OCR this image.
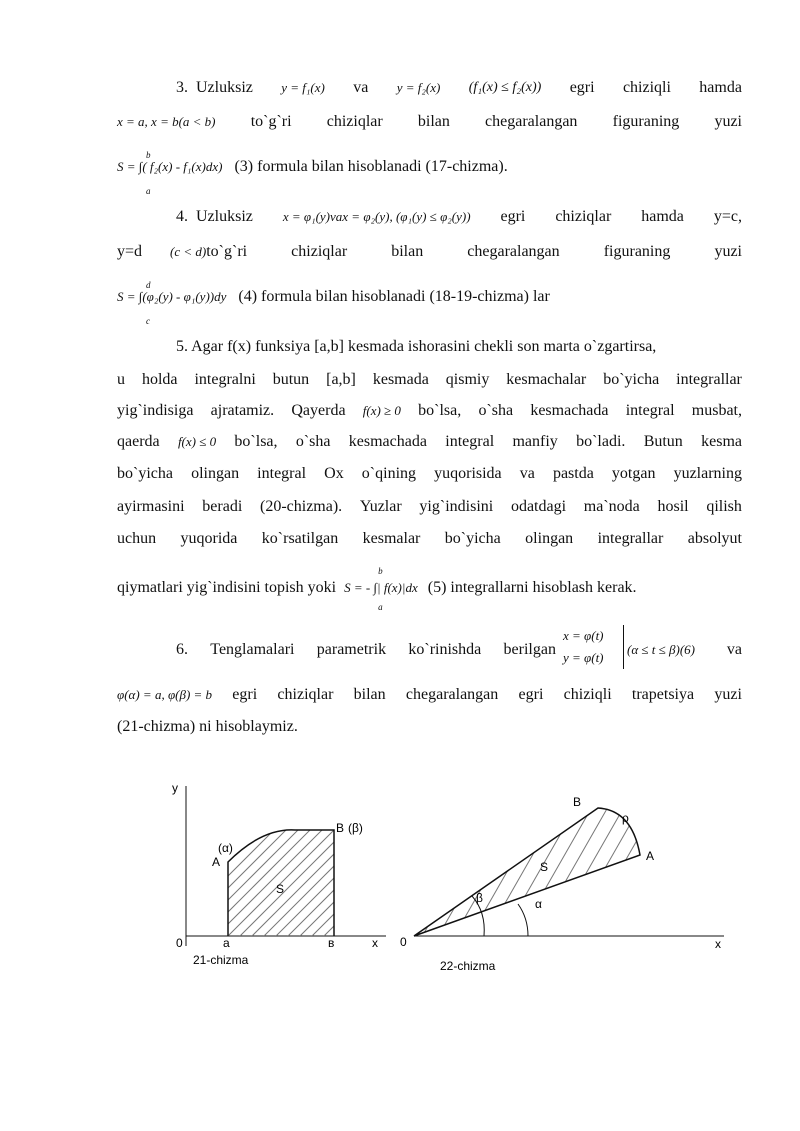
3. Uzluksiz y = f₁(x) va y = f₂(x) (f₁(x) ≤ f₂(x)) egri chiziqli hamda
x = a, x = b(a < b) to`g`ri chiziqlar bilan chegaralangan figuraning yuzi
b
a
S = ∫( f₂(x) - f₁(x)dx) (3) formula bilan hisoblanadi (17-chizma).
4. Uzluksiz x = φ₁(y)vax = φ₂(y), (φ₁(y) ≤ φ₂(y)) egri chiziqlar hamda y=c,
y=d (c < d)to`g`ri	chiziqlar	bilan	chegaralangan	figuraning	yuzi
d
c
S = ∫(φ₂(y) - φ₁(y))dy (4) formula bilan hisoblanadi (18-19-chizma) lar
5. Agar f(x) funksiya [a,b] kesmada ishorasini chekli son marta o`zgartirsa,
u holda integralni butun [a,b] kesmada qismiy kesmachalar bo`yicha integrallar
yig`indisiga ajratamiz. Qayerda f(x) ≥ 0 bo`lsa, o`sha kesmachada integral musbat,
qaerda f(x) ≤ 0 bo`lsa, o`sha kesmachada integral manfiy bo`ladi. Butun kesma
bo`yicha olingan integral Ox o`qining yuqorisida va pastda yotgan yuzlarning
ayirmasini beradi (20-chizma). Yuzlar yig`indisini odatdagi ma`noda hosil qilish
uchun yuqorida ko`rsatilgan kesmalar bo`yicha olingan integrallar absolyut
qiymatlari yig`indisini topish yoki
b
a
S = - ∫| f(x)|dx (5) integrallarni hisoblash kerak.
6. Tenglamalari parametrik ko`rinishda berilgan
x = φ(t)
y = φ(t)
(α ≤ t ≤ β)(6) va
φ(α) = a, φ(β) = b egri chiziqlar bilan chegaralangan egri chiziqli trapetsiya yuzi
(21-chizma) ni hisoblaymiz.
y
x
0	a	в
A
(α)
B (β)
S
21-chizma
B
A
ρ
S
β	α
0	x
22-chizma
